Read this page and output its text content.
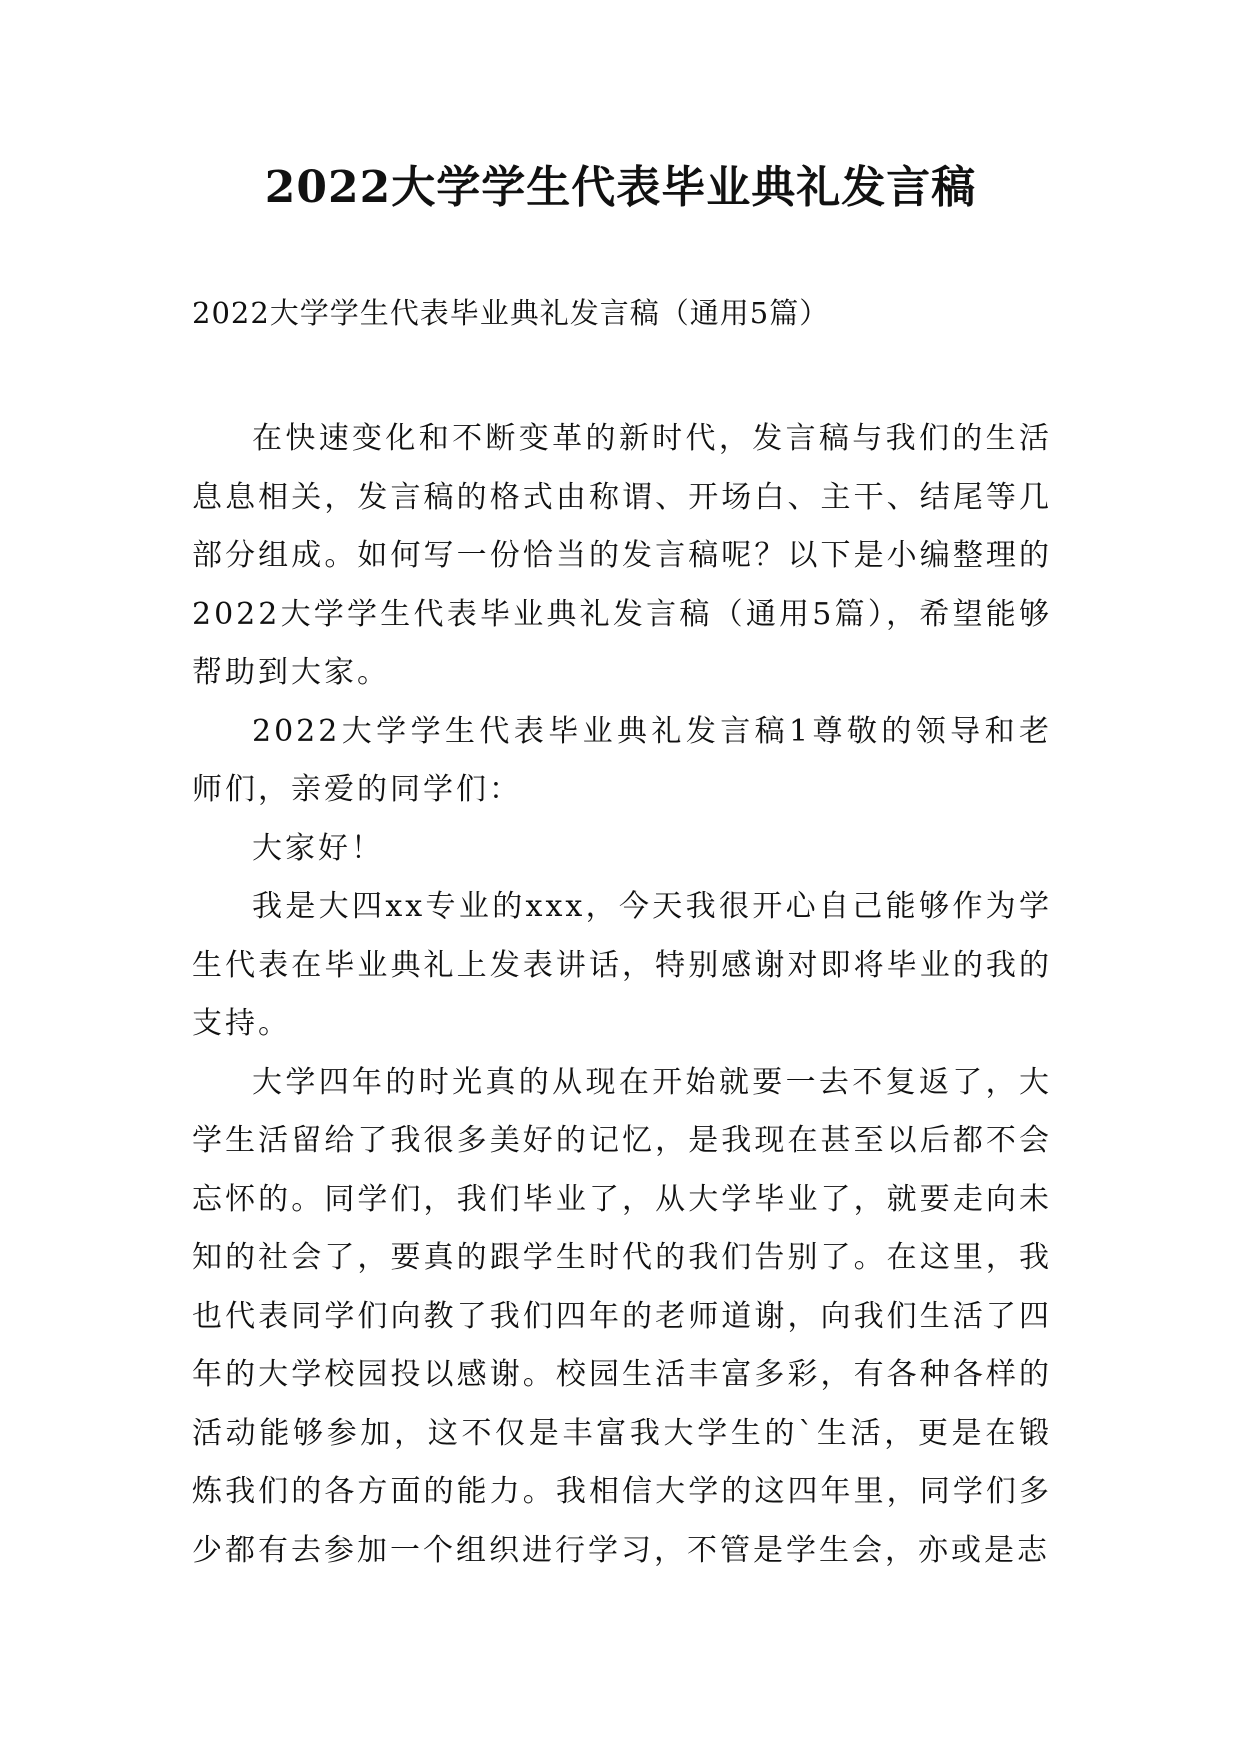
2022大学学生代表毕业典礼发言稿

2022大学学生代表毕业典礼发言稿（通用5篇）

在快速变化和不断变革的新时代，发言稿与我们的生活息息相关，发言稿的格式由称谓、开场白、主干、结尾等几部分组成。如何写一份恰当的发言稿呢？以下是小编整理的2022大学学生代表毕业典礼发言稿（通用5篇），希望能够帮助到大家。

2022大学学生代表毕业典礼发言稿1尊敬的领导和老师们，亲爱的同学们：

大家好！

我是大四xx专业的xxx，今天我很开心自己能够作为学生代表在毕业典礼上发表讲话，特别感谢对即将毕业的我的支持。

大学四年的时光真的从现在开始就要一去不复返了，大学生活留给了我很多美好的记忆，是我现在甚至以后都不会忘怀的。同学们，我们毕业了，从大学毕业了，就要走向未知的社会了，要真的跟学生时代的我们告别了。在这里，我也代表同学们向教了我们四年的老师道谢，向我们生活了四年的大学校园投以感谢。校园生活丰富多彩，有各种各样的活动能够参加，这不仅是丰富我大学生的`生活，更是在锻炼我们的各方面的能力。我相信大学的这四年里，同学们多少都有去参加一个组织进行学习，不管是学生会，亦或是志
